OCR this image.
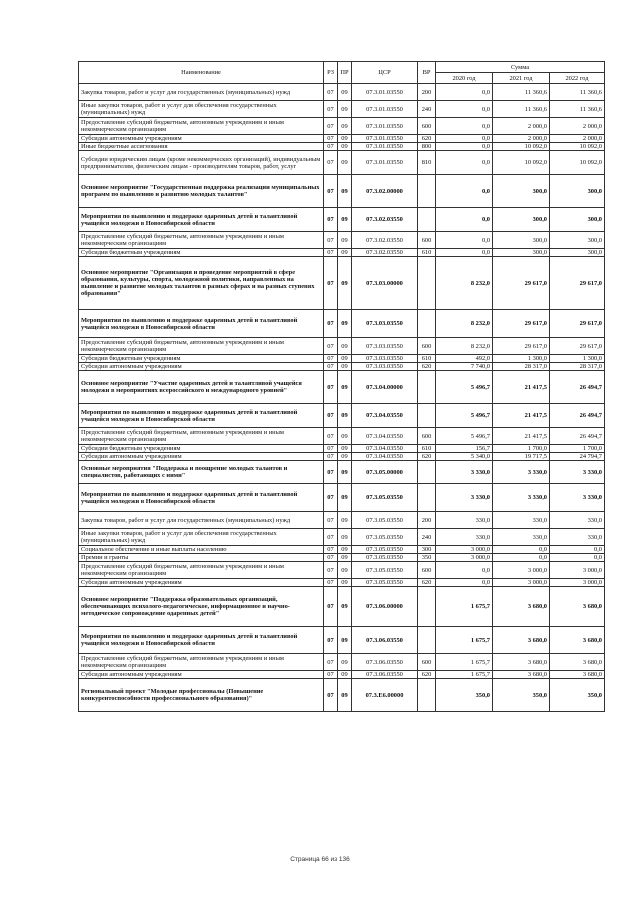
Наименование	РЗ	ПР	ЦСР	ВР	Сумма		
					2020 год	2021 год	2022 год
Закупка товаров, работ и услуг для государственных (муниципальных) нужд	07	09	07.3.01.03550	200	0,0	11 360,6	11 360,6
Иные закупки товаров, работ и услуг для обеспечения государственных (муниципальных) нужд	07	09	07.3.01.03550	240	0,0	11 360,6	11 360,6
Предоставление субсидий бюджетным, автономным учреждениям и иным некоммерческим организациям	07	09	07.3.01.03550	600	0,0	2 000,0	2 000,0
Субсидии автономным учреждениям	07	09	07.3.01.03550	620	0,0	2 000,0	2 000,0
Иные бюджетные ассигнования	07	09	07.3.01.03550	800	0,0	10 092,0	10 092,0
Субсидии юридическим лицам (кроме некоммерческих организаций), индивидуальным предпринимателям, физическим лицам - производителям товаров, работ, услуг	07	09	07.3.01.03550	810	0,0	10 092,0	10 092,0
Основное мероприятие "Государственная поддержка реализации муниципальных программ по выявлению и развитию молодых талантов"	07	09	07.3.02.00000		0,0	300,0	300,0
Мероприятия по выявлению и поддержке одаренных детей и талантливой учащейся молодежи в Новосибирской области	07	09	07.3.02.03550		0,0	300,0	300,0
Предоставление субсидий бюджетным, автономным учреждениям и иным некоммерческим организациям	07	09	07.3.02.03550	600	0,0	300,0	300,0
Субсидии бюджетным учреждениям	07	09	07.3.02.03550	610	0,0	300,0	300,0
Основное мероприятие "Организация и проведение мероприятий в сфере образования, культуры, спорта, молодежной политики, направленных на выявление и развитие молодых талантов в разных сферах и на разных ступенях образования"	07	09	07.3.03.00000		8 232,0	29 617,0	29 617,0
Мероприятия по выявлению и поддержке одаренных детей и талантливой учащейся молодежи в Новосибирской области	07	09	07.3.03.03550		8 232,0	29 617,0	29 617,0
Предоставление субсидий бюджетным, автономным учреждениям и иным некоммерческим организациям	07	09	07.3.03.03550	600	8 232,0	29 617,0	29 617,0
Субсидии бюджетным учреждениям	07	09	07.3.03.03550	610	492,0	1 300,0	1 300,0
Субсидии автономным учреждениям	07	09	07.3.03.03550	620	7 740,0	28 317,0	28 317,0
Основное мероприятие "Участие одаренных детей и талантливой учащейся молодежи в мероприятиях всероссийского и международного уровней"	07	09	07.3.04.00000		5 496,7	21 417,5	26 494,7
Мероприятия по выявлению и поддержке одаренных детей и талантливой учащейся молодежи в Новосибирской области	07	09	07.3.04.03550		5 496,7	21 417,5	26 494,7
Предоставление субсидий бюджетным, автономным учреждениям и иным некоммерческим организациям	07	09	07.3.04.03550	600	5 496,7	21 417,5	26 494,7
Субсидии бюджетным учреждениям	07	09	07.3.04.03550	610	156,7	1 700,0	1 700,0
Субсидии автономным учреждениям	07	09	07.3.04.03550	620	5 340,0	19 717,5	24 794,7
Основные мероприятия "Поддержка и поощрение молодых талантов и специалистов, работающих с ними"	07	09	07.3.05.00000		3 330,0	3 330,0	3 330,0
Мероприятия по выявлению и поддержке одаренных детей и талантливой учащейся молодежи в Новосибирской области	07	09	07.3.05.03550		3 330,0	3 330,0	3 330,0
Закупка товаров, работ и услуг для государственных (муниципальных) нужд	07	09	07.3.05.03550	200	330,0	330,0	330,0
Иные закупки товаров, работ и услуг для обеспечения государственных (муниципальных) нужд	07	09	07.3.05.03550	240	330,0	330,0	330,0
Социальное обеспечение и иные выплаты населению	07	09	07.3.05.03550	300	3 000,0	0,0	0,0
Премии и гранты	07	09	07.3.05.03550	350	3 000,0	0,0	0,0
Предоставление субсидий бюджетным, автономным учреждениям и иным некоммерческим организациям	07	09	07.3.05.03550	600	0,0	3 000,0	3 000,0
Субсидии автономным учреждениям	07	09	07.3.05.03550	620	0,0	3 000,0	3 000,0
Основное мероприятие "Поддержка образовательных организаций, обеспечивающих психолого-педагогическое, информационное и научно-методическое сопровождение одаренных детей"	07	09	07.3.06.00000		1 675,7	3 680,0	3 680,0
Мероприятия по выявлению и поддержке одаренных детей и талантливой учащейся молодежи в Новосибирской области	07	09	07.3.06.03550		1 675,7	3 680,0	3 680,0
Предоставление субсидий бюджетным, автономным учреждениям и иным некоммерческим организациям	07	09	07.3.06.03550	600	1 675,7	3 680,0	3 680,0
Субсидии автономным учреждениям	07	09	07.3.06.03550	620	1 675,7	3 680,0	3 680,0
Региональный проект "Молодые профессионалы (Повышение конкурентоспособности профессионального образования)"	07	09	07.3.Е6.00000		350,0	350,0	350,0
Страница 66 из 136
